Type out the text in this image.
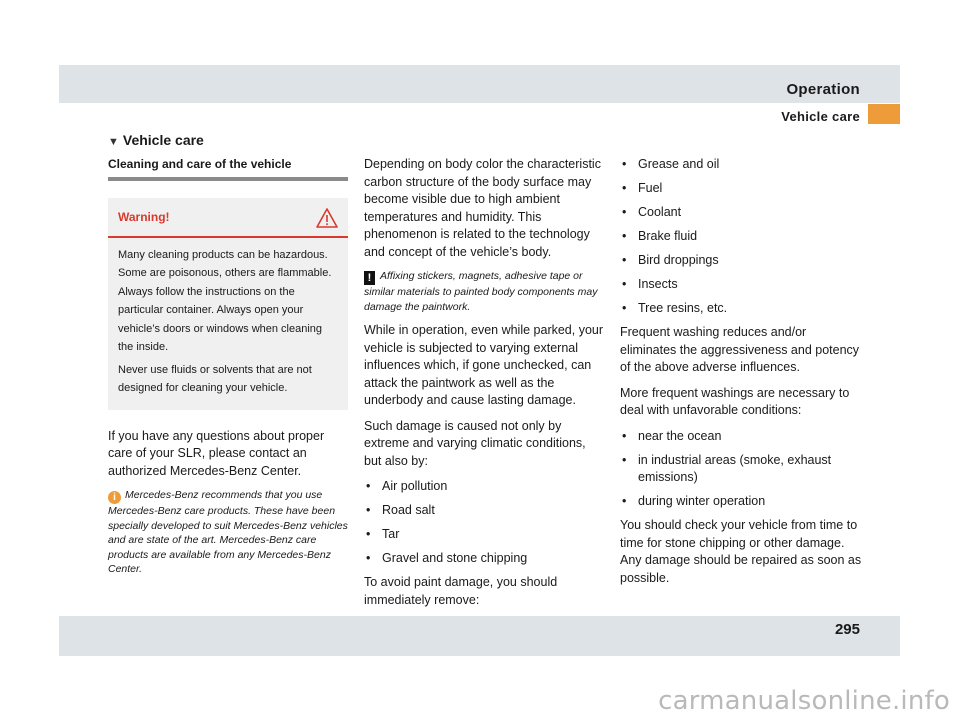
Operation
Vehicle care
▼ Vehicle care
Cleaning and care of the vehicle
Warning!

Many cleaning products can be hazardous. Some are poisonous, others are flammable. Always follow the instructions on the particular container. Always open your vehicle’s doors or windows when cleaning the inside.

Never use fluids or solvents that are not designed for cleaning your vehicle.

If you have any questions about proper care of your SLR, please contact an authorized Mercedes-Benz Center.

i Mercedes-Benz recommends that you use Mercedes-Benz care products. These have been specially developed to suit Mercedes-Benz vehicles and are state of the art. Mercedes-Benz care products are available from any Mercedes-Benz Center.

Depending on body color the characteristic carbon structure of the body surface may become visible due to high ambient temperatures and humidity. This phenomenon is related to the technology and concept of the vehicle’s body.

! Affixing stickers, magnets, adhesive tape or similar materials to painted body components may damage the paintwork.

While in operation, even while parked, your vehicle is subjected to varying external influences which, if gone unchecked, can attack the paintwork as well as the underbody and cause lasting damage.

Such damage is caused not only by extreme and varying climatic conditions, but also by:

• Air pollution
• Road salt
• Tar
• Gravel and stone chipping

To avoid paint damage, you should immediately remove:

• Grease and oil
• Fuel
• Coolant
• Brake fluid
• Bird droppings
• Insects
• Tree resins, etc.

Frequent washing reduces and/or eliminates the aggressiveness and potency of the above adverse influences.

More frequent washings are necessary to deal with unfavorable conditions:

• near the ocean
• in industrial areas (smoke, exhaust emissions)
• during winter operation

You should check your vehicle from time to time for stone chipping or other damage. Any damage should be repaired as soon as possible.

295
carmanualsonline.info
